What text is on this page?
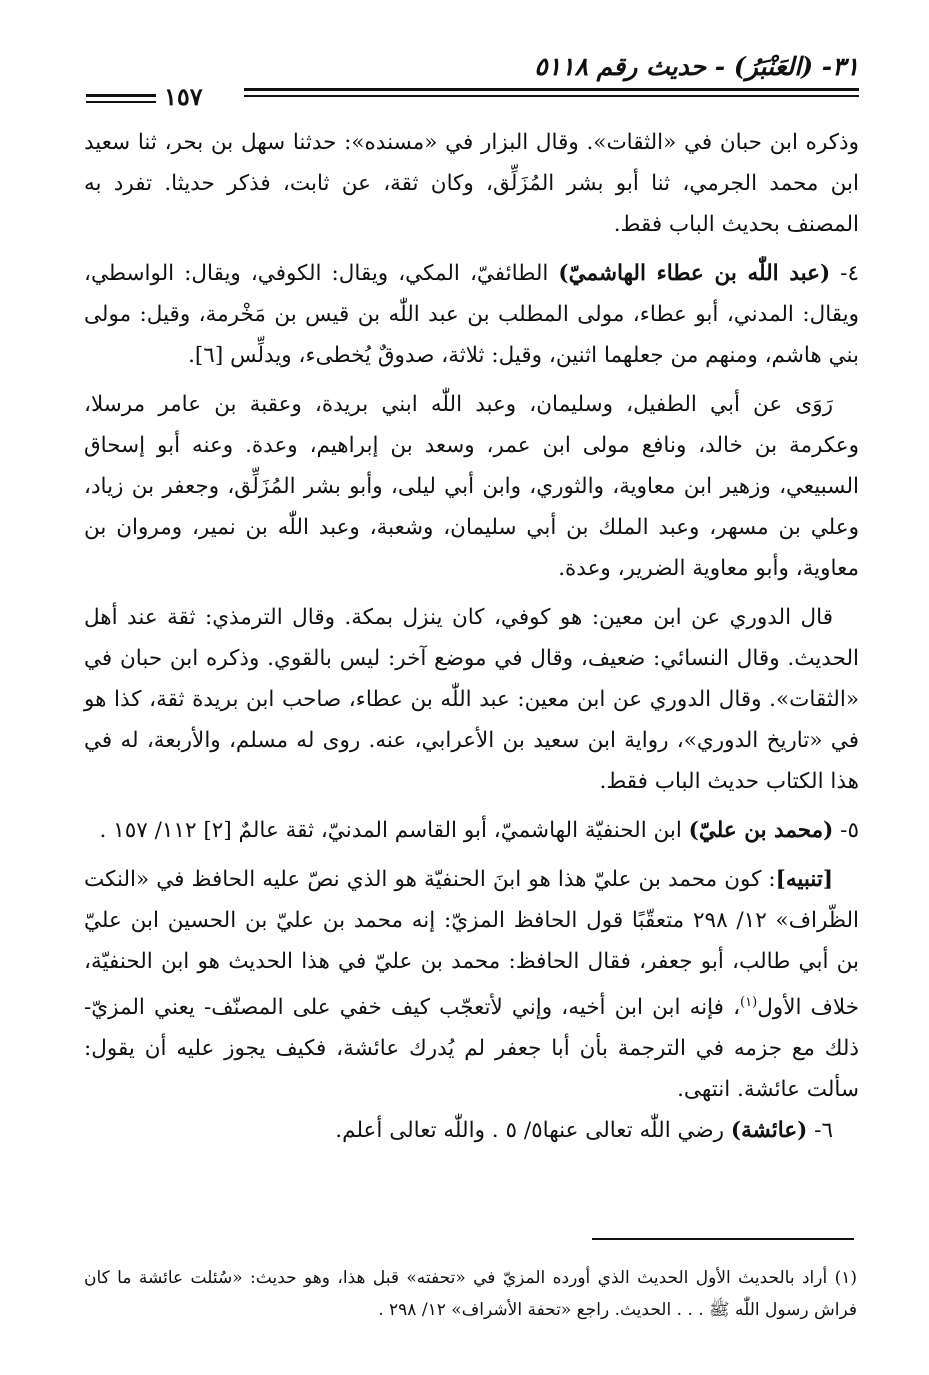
٣١- (العَنْبَرُ) - حديث رقم ٥١١٨
١٥٧

وذكره ابن حبان في «الثقات». وقال البزار في «مسنده»: حدثنا سهل بن بحر، ثنا سعيد ابن محمد الجرمي، ثنا أبو بشر المُزَلِّق، وكان ثقة، عن ثابت، فذكر حديثا. تفرد به المصنف بحديث الباب فقط.

٤- (عبد اللّٰه بن عطاء الهاشميّ) الطائفيّ، المكي، ويقال: الكوفي، ويقال: الواسطي، ويقال: المدني، أبو عطاء، مولى المطلب بن عبد اللّٰه بن قيس بن مَخْرمة، وقيل: مولى بني هاشم، ومنهم من جعلهما اثنين، وقيل: ثلاثة، صدوقٌ يُخطىء، ويدلِّس [٦].

رَوَى عن أبي الطفيل، وسليمان، وعبد اللّٰه ابني بريدة، وعقبة بن عامر مرسلا، وعكرمة بن خالد، ونافع مولى ابن عمر، وسعد بن إبراهيم، وعدة. وعنه أبو إسحاق السبيعي، وزهير ابن معاوية، والثوري، وابن أبي ليلى، وأبو بشر المُزَلِّق، وجعفر بن زياد، وعلي بن مسهر، وعبد الملك بن أبي سليمان، وشعبة، وعبد اللّٰه بن نمير، ومروان بن معاوية، وأبو معاوية الضرير، وعدة.

قال الدوري عن ابن معين: هو كوفي، كان ينزل بمكة. وقال الترمذي: ثقة عند أهل الحديث. وقال النسائي: ضعيف، وقال في موضع آخر: ليس بالقوي. وذكره ابن حبان في «الثقات». وقال الدوري عن ابن معين: عبد اللّٰه بن عطاء، صاحب ابن بريدة ثقة، كذا هو في «تاريخ الدوري»، رواية ابن سعيد بن الأعرابي، عنه. روى له مسلم، والأربعة، له في هذا الكتاب حديث الباب فقط.

٥- (محمد بن عليّ) ابن الحنفيّة الهاشميّ، أبو القاسم المدنيّ، ثقة عالمٌ [٢] ١١٢/ ١٥٧ .

[تنبيه]: كون محمد بن عليّ هذا هو ابنَ الحنفيّة هو الذي نصّ عليه الحافظ في «النكت الظّراف» ١٢/ ٢٩٨ متعقّبًا قول الحافظ المزيّ: إنه محمد بن عليّ بن الحسين ابن عليّ بن أبي طالب، أبو جعفر، فقال الحافظ: محمد بن عليّ في هذا الحديث هو ابن الحنفيّة، خلاف الأول$^{(١)}$، فإنه ابن ابن أخيه، وإني لأتعجّب كيف خفي على المصنّف- يعني المزيّ- ذلك مع جزمه في الترجمة بأن أبا جعفر لم يُدرك عائشة، فكيف يجوز عليه أن يقول: سألت عائشة. انتهى.

٦- (عائشة) رضي اللّٰه تعالى عنها٥/ ٥ . واللّٰه تعالى أعلم.

(١) أراد بالحديث الأول الحديث الذي أورده المزيّ في «تحفته» قبل هذا، وهو حديث: «سُئلت عائشة ما كان فراش رسول اللّٰه ﷺ . . . الحديث. راجع «تحفة الأشراف» ١٢/ ٢٩٨ .
